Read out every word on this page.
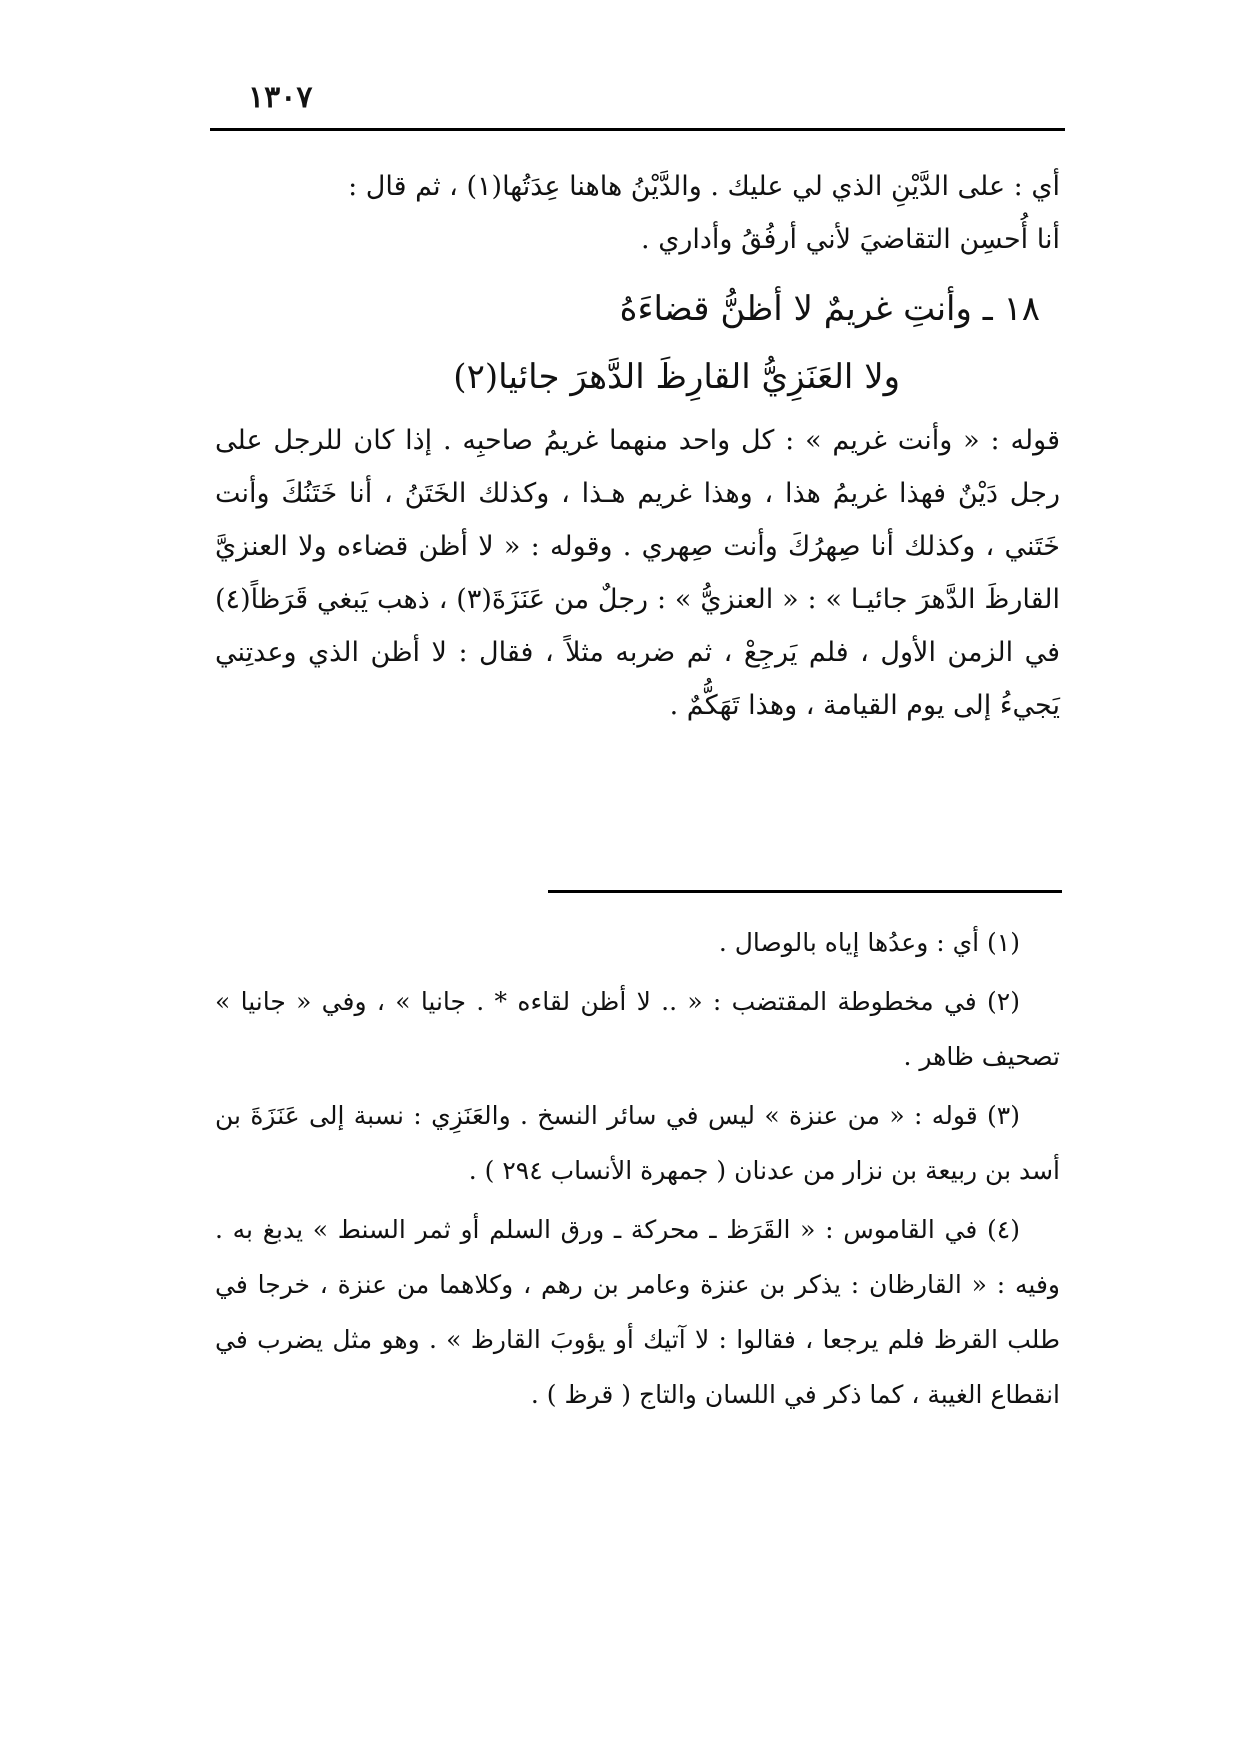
١٣٠٧

أي : على الدَّيْنِ الذي لي عليك . والدَّيْنُ هاهنا عِدَتُها(١) ، ثم قال :

أنا أُحسِن التقاضيَ لأني أرفُقُ وأداري .

١٨ ـ وأنتِ غريمٌ لا أظنُّ قضاءَهُ

ولا العَنَزِيُّ القارِظَ الدَّهرَ جائيا(٢)

قوله : « وأنت غريم » : كل واحد منهما غريمُ صاحبِه . إذا كان للرجل على رجل دَيْنٌ فهذا غريمُ هذا ، وهذا غريم هـذا ، وكذلك الخَتَنُ ، أنا خَتَنُكَ وأنت خَتَني ، وكذلك أنا صِهرُكَ وأنت صِهري . وقوله : « لا أظن قضاءه ولا العنزيَّ القارظَ الدَّهرَ جائيـا » : « العنزيُّ » : رجلٌ من عَنَزَةَ(٣) ، ذهب يَبغي قَرَظاً(٤) في الزمن الأول ، فلم يَرجِعْ ، ثم ضربه مثلاً ، فقال : لا أظن الذي وعدتِني يَجيءُ إلى يوم القيامة ، وهذا تَهَكُّمٌ .

(١) أي : وعدُها إياه بالوصال .

(٢) في مخطوطة المقتضب : « .. لا أظن لقاءه * . جانيا » ، وفي « جانيا » تصحيف ظاهر .

(٣) قوله : « من عنزة » ليس في سائر النسخ . والعَنَزِي : نسبة إلى عَنَزَةَ بن أسد بن ربيعة بن نزار من عدنان ( جمهرة الأنساب ٢٩٤ ) .

(٤) في القاموس : « القَرَظ ـ محركة ـ ورق السلم أو ثمر السنط » يدبغ به . وفيه : « القارظان : يذكر بن عنزة وعامر بن رهم ، وكلاهما من عنزة ، خرجا في طلب القرظ فلم يرجعا ، فقالوا : لا آتيك أو يؤوبَ القارظ » . وهو مثل يضرب في انقطاع الغيبة ، كما ذكر في اللسان والتاج ( قرظ ) .
